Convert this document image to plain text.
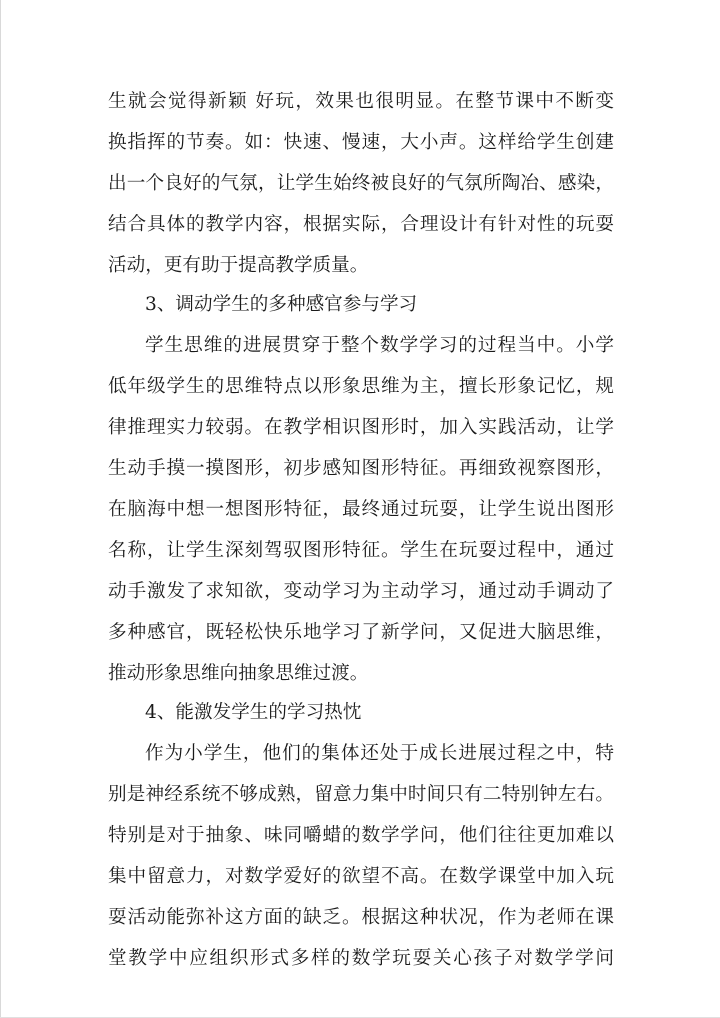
生就会觉得新颖 好玩，效果也很明显。在整节课中不断变
换指挥的节奏。如：快速、慢速，大小声。这样给学生创建
出一个良好的气氛，让学生始终被良好的气氛所陶冶、感染，
结合具体的教学内容，根据实际，合理设计有针对性的玩耍
活动，更有助于提高教学质量。
3、调动学生的多种感官参与学习
学生思维的进展贯穿于整个数学学习的过程当中。小学
低年级学生的思维特点以形象思维为主，擅长形象记忆，规
律推理实力较弱。在教学相识图形时，加入实践活动，让学
生动手摸一摸图形，初步感知图形特征。再细致视察图形，
在脑海中想一想图形特征，最终通过玩耍，让学生说出图形
名称，让学生深刻驾驭图形特征。学生在玩耍过程中，通过
动手激发了求知欲，变动学习为主动学习，通过动手调动了
多种感官，既轻松快乐地学习了新学问，又促进大脑思维，
推动形象思维向抽象思维过渡。
4、能激发学生的学习热忱
作为小学生，他们的集体还处于成长进展过程之中，特
别是神经系统不够成熟，留意力集中时间只有二特别钟左右。
特别是对于抽象、味同嚼蜡的数学学问，他们往往更加难以
集中留意力，对数学爱好的欲望不高。在数学课堂中加入玩
耍活动能弥补这方面的缺乏。根据这种状况，作为老师在课
堂教学中应组织形式多样的数学玩耍关心孩子对数学学问
